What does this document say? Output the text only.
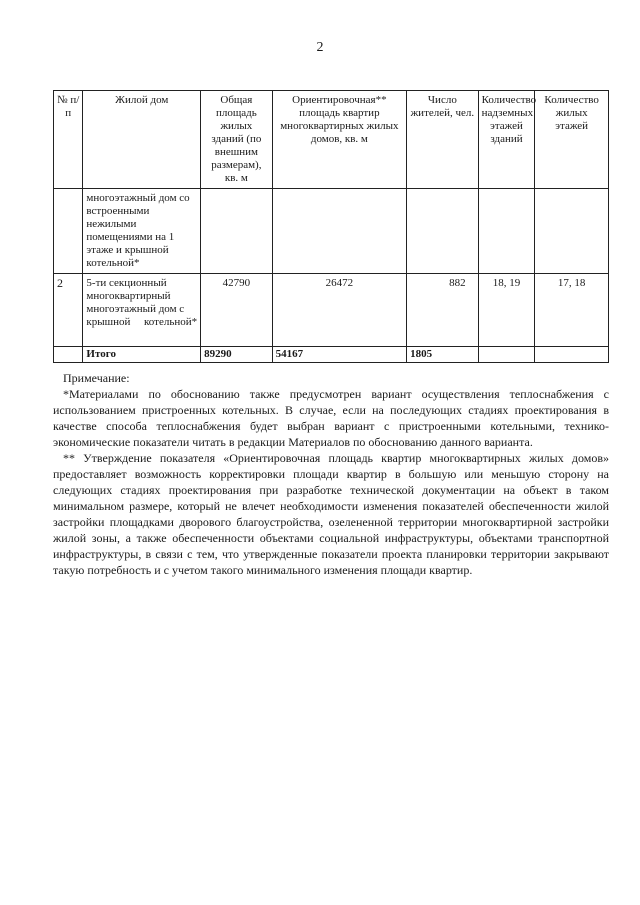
2
№ п/п	Жилой дом	Общая площадь жилых зданий (по внешним размерам), кв. м	Ориентировочная** площадь квартир многоквартирных жилых домов, кв. м	Число жителей, чел.	Количество надземных этажей зданий	Количество жилых этажей
	многоэтажный дом со встроенными нежилыми помещениями на 1 этаже и крышной котельной*					
2	5-ти секционный многоквартирный многоэтажный дом с крышной котельной*	42790	26472	882	18, 19	17, 18
	Итого	89290	54167	1805		

Примечание:

*Материалами по обоснованию также предусмотрен вариант осуществления теплоснабжения с использованием пристроенных котельных. В случае, если на последующих стадиях проектирования в качестве способа теплоснабжения будет выбран вариант с пристроенными котельными, технико-экономические показатели читать в редакции Материалов по обоснованию данного варианта.

** Утверждение показателя «Ориентировочная площадь квартир многоквартирных жилых домов» предоставляет возможность корректировки площади квартир в большую или меньшую сторону на следующих стадиях проектирования при разработке технической документации на объект в таком минимальном размере, который не влечет необходимости изменения показателей обеспеченности жилой застройки площадками дворового благоустройства, озелененной территории многоквартирной застройки жилой зоны, а также обеспеченности объектами социальной инфраструктуры, объектами транспортной инфраструктуры, в связи с тем, что утвержденные показатели проекта планировки территории закрывают такую потребность и с учетом такого минимального изменения площади квартир.
